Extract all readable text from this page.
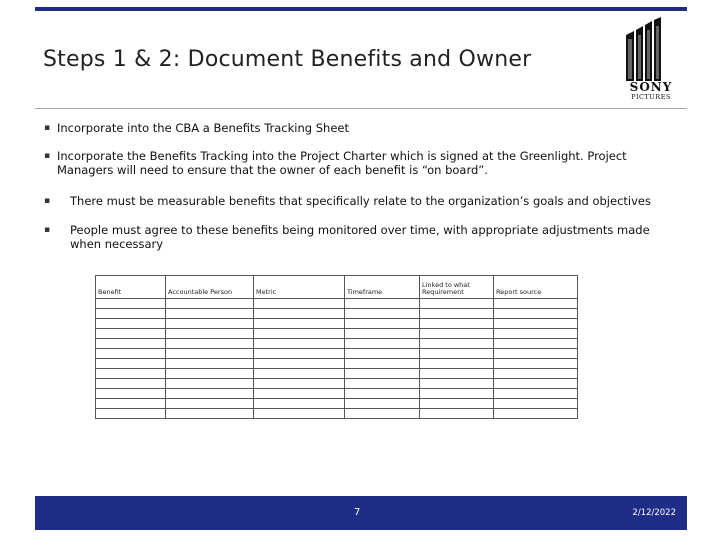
Steps 1 & 2: Document Benefits and Owner
SONY
PICTURES
▪ Incorporate into the CBA a Benefits Tracking Sheet
▪ Incorporate the Benefits Tracking into the Project Charter which is signed at the Greenlight. Project Managers will need to ensure that the owner of each benefit is “on board”.
▪	There must be measurable benefits that specifically relate to the organization’s goals and objectives
▪	People must agree to these benefits being monitored over time, with appropriate adjustments made when necessary
Benefit	Accountable Person	Metric	Timeframe	Linked to what Requirement	Report source

7	2/12/2022
